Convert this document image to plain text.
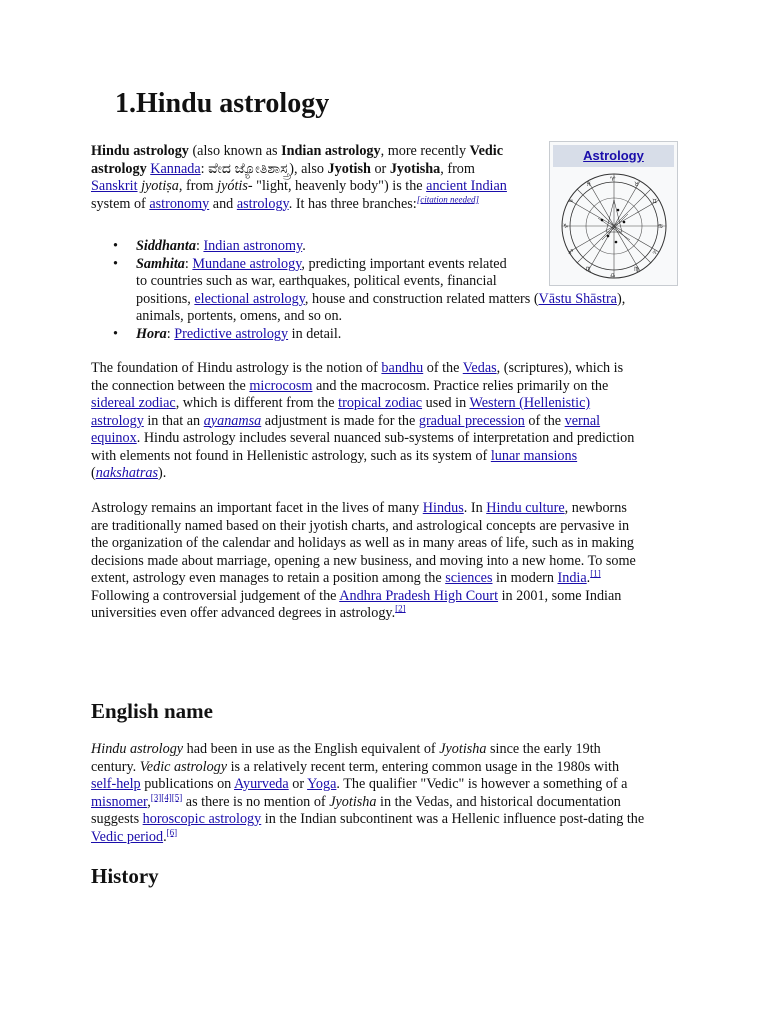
1.Hindu astrology
Astrology
♈
♉
♊
♋
♌
♍
♎
♏
♐
♑
♒
♓

Hindu astrology (also known as Indian astrology, more recently Vedic astrology Kannada: ವೇದ ಜ್ಯೋತಿಶಾಸ್ತ್ರ), also Jyotish or Jyotisha, from
Sanskrit jyotiṣa, from jyótis- "light, heavenly body") is the ancient Indian
system of astronomy and astrology. It has three branches:[citation needed]

• Siddhanta: Indian astronomy.
• Samhita: Mundane astrology, predicting important events related
to countries such as war, earthquakes, political events, financial
positions, electional astrology, house and construction related matters (Vāstu Shāstra),
animals, portents, omens, and so on.
• Hora: Predictive astrology in detail.

The foundation of Hindu astrology is the notion of bandhu of the Vedas, (scriptures), which is
the connection between the microcosm and the macrocosm. Practice relies primarily on the
sidereal zodiac, which is different from the tropical zodiac used in Western (Hellenistic)
astrology in that an ayanamsa adjustment is made for the gradual precession of the vernal
equinox. Hindu astrology includes several nuanced sub-systems of interpretation and prediction
with elements not found in Hellenistic astrology, such as its system of lunar mansions
(nakshatras).

Astrology remains an important facet in the lives of many Hindus. In Hindu culture, newborns
are traditionally named based on their jyotish charts, and astrological concepts are pervasive in
the organization of the calendar and holidays as well as in many areas of life, such as in making
decisions made about marriage, opening a new business, and moving into a new home. To some
extent, astrology even manages to retain a position among the sciences in modern India.[1]
Following a controversial judgement of the Andhra Pradesh High Court in 2001, some Indian
universities even offer advanced degrees in astrology.[2]

English name

Hindu astrology had been in use as the English equivalent of Jyotisha since the early 19th
century. Vedic astrology is a relatively recent term, entering common usage in the 1980s with
self-help publications on Ayurveda or Yoga. The qualifier "Vedic" is however a something of a
misnomer,[3][4][5] as there is no mention of Jyotisha in the Vedas, and historical documentation
suggests horoscopic astrology in the Indian subcontinent was a Hellenic influence post-dating the
Vedic period.[6]

History
